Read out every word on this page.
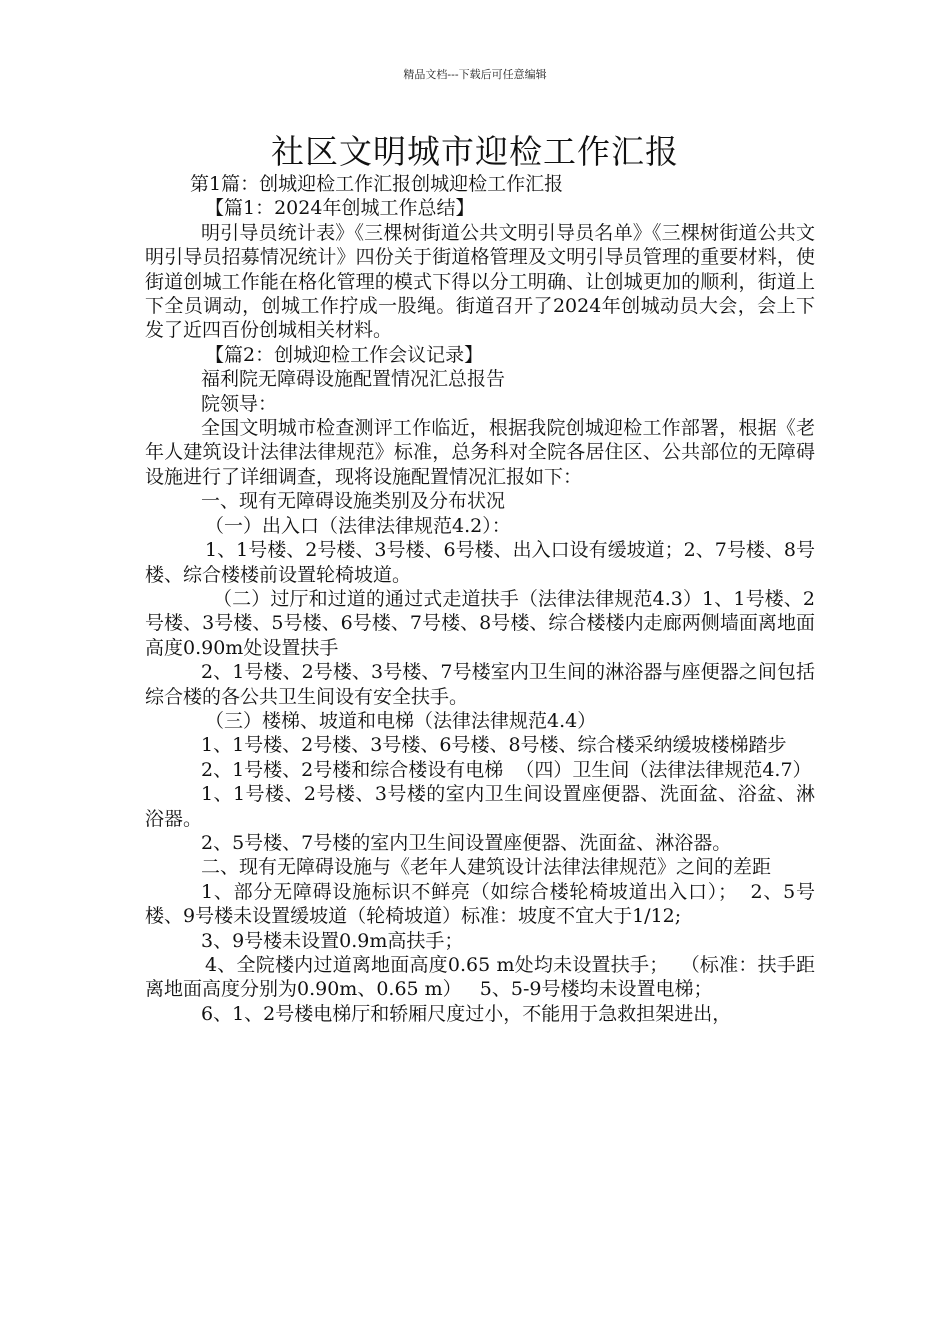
精品文档---下载后可任意编辑
社区文明城市迎检工作汇报

第1篇：创城迎检工作汇报创城迎检工作汇报

【篇1：2024年创城工作总结】

明引导员统计表》《三棵树街道公共文明引导员名单》《三棵树街道公共文明引导员招募情况统计》四份关于街道格管理及文明引导员管理的重要材料，使街道创城工作能在格化管理的模式下得以分工明确、让创城更加的顺利，街道上下全员调动，创城工作拧成一股绳。街道召开了2024年创城动员大会，会上下发了近四百份创城相关材料。

【篇2：创城迎检工作会议记录】

福利院无障碍设施配置情况汇总报告

院领导：

全国文明城市检查测评工作临近，根据我院创城迎检工作部署，根据《老年人建筑设计法律法律规范》标准，总务科对全院各居住区、公共部位的无障碍设施进行了详细调查，现将设施配置情况汇报如下：

一、现有无障碍设施类别及分布状况

（一）出入口（法律法律规范4.2）：

1、1号楼、2号楼、3号楼、6号楼、出入口设有缓坡道；2、7号楼、8号楼、综合楼楼前设置轮椅坡道。

（二）过厅和过道的通过式走道扶手（法律法律规范4.3）1、1号楼、2号楼、3号楼、5号楼、6号楼、7号楼、8号楼、综合楼楼内走廊两侧墙面离地面高度0.90m处设置扶手

2、1号楼、2号楼、3号楼、7号楼室内卫生间的淋浴器与座便器之间包括综合楼的各公共卫生间设有安全扶手。

（三）楼梯、坡道和电梯（法律法律规范4.4）

1、1号楼、2号楼、3号楼、6号楼、8号楼、综合楼采纳缓坡楼梯踏步

2、1号楼、2号楼和综合楼设有电梯  （四）卫生间（法律法律规范4.7）

1、1号楼、2号楼、3号楼的室内卫生间设置座便器、洗面盆、浴盆、淋浴器。

2、5号楼、7号楼的室内卫生间设置座便器、洗面盆、淋浴器。

二、现有无障碍设施与《老年人建筑设计法律法律规范》之间的差距

1、部分无障碍设施标识不鲜亮（如综合楼轮椅坡道出入口）；  2、5号楼、9号楼未设置缓坡道（轮椅坡道）标准：坡度不宜大于1/12;

3、9号楼未设置0.9m高扶手；

4、全院楼内过道离地面高度0.65 m处均未设置扶手；  （标准：扶手距离地面高度分别为0.90m、0.65 m）   5、5-9号楼均未设置电梯；

6、1、2号楼电梯厅和轿厢尺度过小，不能用于急救担架进出，
